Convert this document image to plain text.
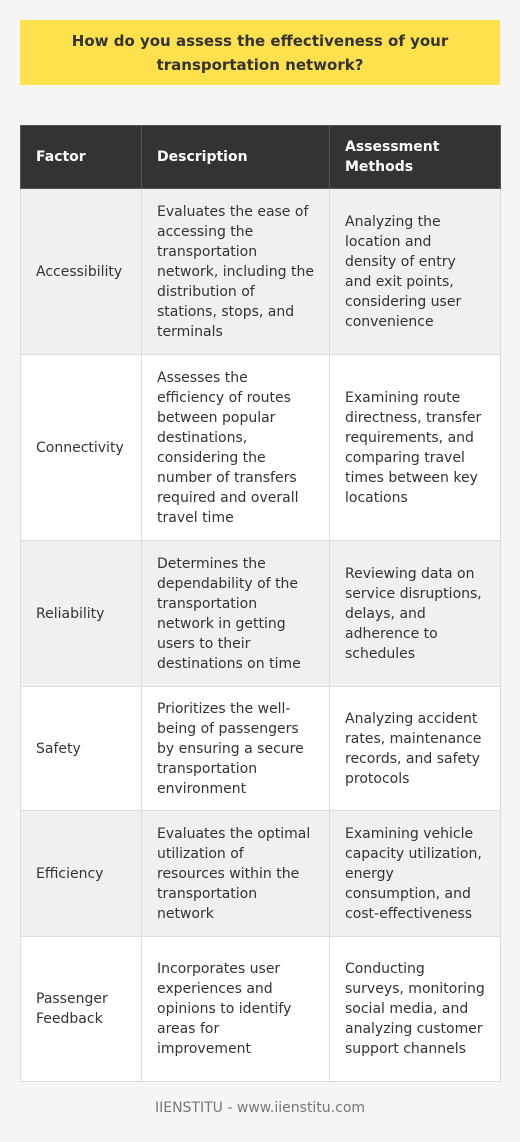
How do you assess the effectiveness of your transportation network?
Factor	Description	Assessment Methods
Accessibility	Evaluates the ease of accessing the transportation network, including the distribution of stations, stops, and terminals	Analyzing the location and density of entry and exit points, considering user convenience
Connectivity	Assesses the efficiency of routes between popular destinations, considering the number of transfers required and overall travel time	Examining route directness, transfer requirements, and comparing travel times between key locations
Reliability	Determines the dependability of the transportation network in getting users to their destinations on time	Reviewing data on service disruptions, delays, and adherence to schedules
Safety	Prioritizes the well-being of passengers by ensuring a secure transportation environment	Analyzing accident rates, maintenance records, and safety protocols
Efficiency	Evaluates the optimal utilization of resources within the transportation network	Examining vehicle capacity utilization, energy consumption, and cost-effectiveness
Passenger Feedback	Incorporates user experiences and opinions to identify areas for improvement	Conducting surveys, monitoring social media, and analyzing customer support channels
IIENSTITU - www.iienstitu.com
